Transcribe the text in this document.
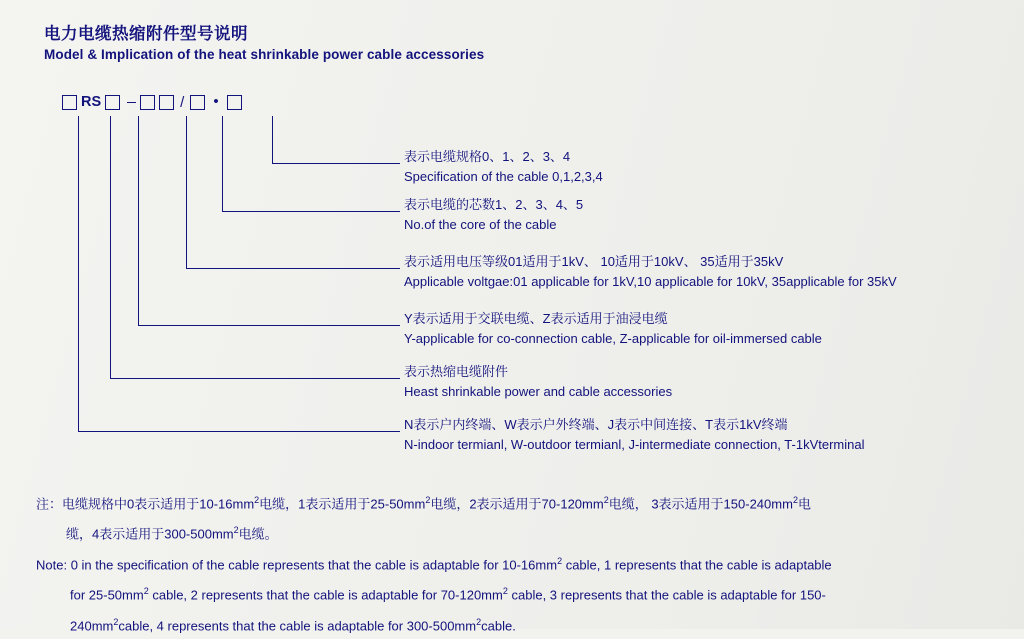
电力电缆热缩附件型号说明
Model & Implication of the heat shrinkable power cable accessories
RS	/ •
表示电缆规格0、1、2、3、4
Specification of the cable 0,1,2,3,4
表示电缆的芯数1、2、3、4、5
No.of the core of the cable
表示适用电压等级01适用于1kV、 10适用于10kV、 35适用于35kV
Applicable voltgae:01 applicable for 1kV,10 applicable for 10kV, 35applicable for 35kV
Y表示适用于交联电缆、Z表示适用于油浸电缆
Y-applicable for co-connection cable, Z-applicable for oil-immersed cable
表示热缩电缆附件
Heast shrinkable power and cable accessories
N表示户内终端、W表示户外终端、J表示中间连接、T表示1kV终端
N-indoor termianl, W-outdoor termianl, J-intermediate connection, T-1kVterminal
注：电缆规格中0表示适用于$10-16mm^2$电缆，1表示适用于$25-50mm^2$电缆，2表示适用于$70-120mm^2$电缆， 3表示适用于$150-240mm^2$电
缆，4表示适用于$300-500mm^2$电缆。

Note: 0 in the specification of the cable represents that the cable is adaptable for $10-16mm^2$ cable, 1 represents that the cable is adaptable

for $25-50mm^2$ cable, 2 represents that the cable is adaptable for $70-120mm^2$ cable, 3 represents that the cable is adaptable for 150-

$240mm^2cable$, 4 represents that the cable is adaptable for $300-500mm^2cable$.
